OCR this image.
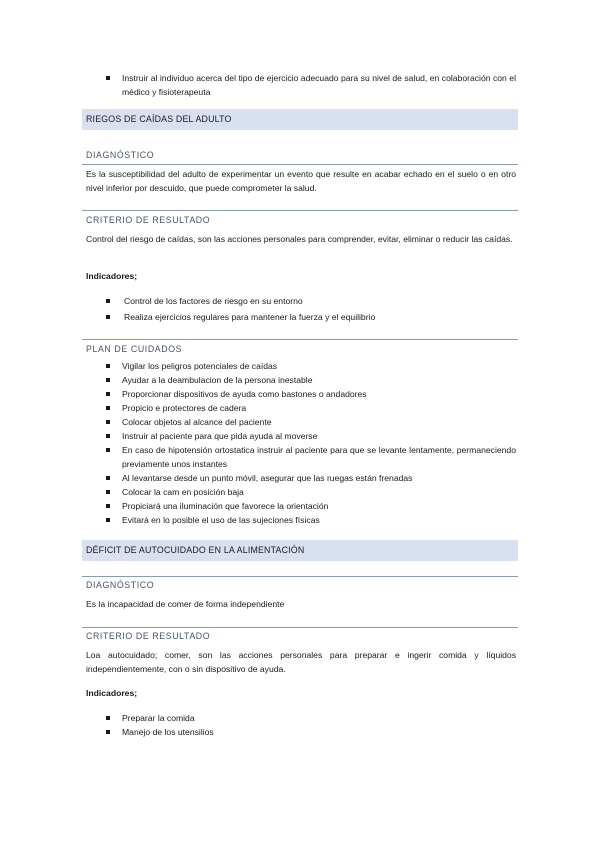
Instruir al individuo acerca del tipo de ejercicio adecuado para su nivel de salud, en colaboración con el médico y fisioterapeuta
RIEGOS DE CAÍDAS DEL ADULTO
DIAGNÓSTICO
Es la susceptibilidad del adulto de experimentar un evento que resulte en acabar echado en el suelo o en otro nivel inferior por descuido, que puede comprometer la salud.
CRITERIO DE RESULTADO
Control del riesgo de caídas, son las acciones personales para comprender, evitar, eliminar o reducir las caídas.
Indicadores;
Control de los factores de riesgo en su entorno
Realiza ejercicios regulares para mantener la fuerza y el equilibrio
PLAN DE CUIDADOS
Vigilar los peligros potenciales de caídas
Ayudar a la deambulacion de la persona inestable
Proporcionar dispositivos de ayuda como bastones o andadores
Propicio e protectores de cadera
Colocar objetos al alcance del paciente
Instruir al paciente para que pida ayuda al moverse
En caso de hipotensión ortostatica instruir al paciente para que se levante lentamente, permaneciendo previamente unos instantes
Al levantarse desde un punto móvil, asegurar que las ruegas están frenadas
Colocar la cam en posición baja
Propiciará una iluminación que favorece la orientación
Evitará en lo posible el uso de las sujeciones físicas
DÉFICIT DE AUTOCUIDADO EN LA ALIMENTACIÓN
DIAGNÓSTICO
Es la incapacidad de comer de forma independiente
CRITERIO DE RESULTADO
Loa autocuidado; comer, son las acciones personales para preparar e ingerir comida y líquidos independientemente, con o sin dispositivo de ayuda.
Indicadores;
Preparar la comida
Manejo de los utensilios
